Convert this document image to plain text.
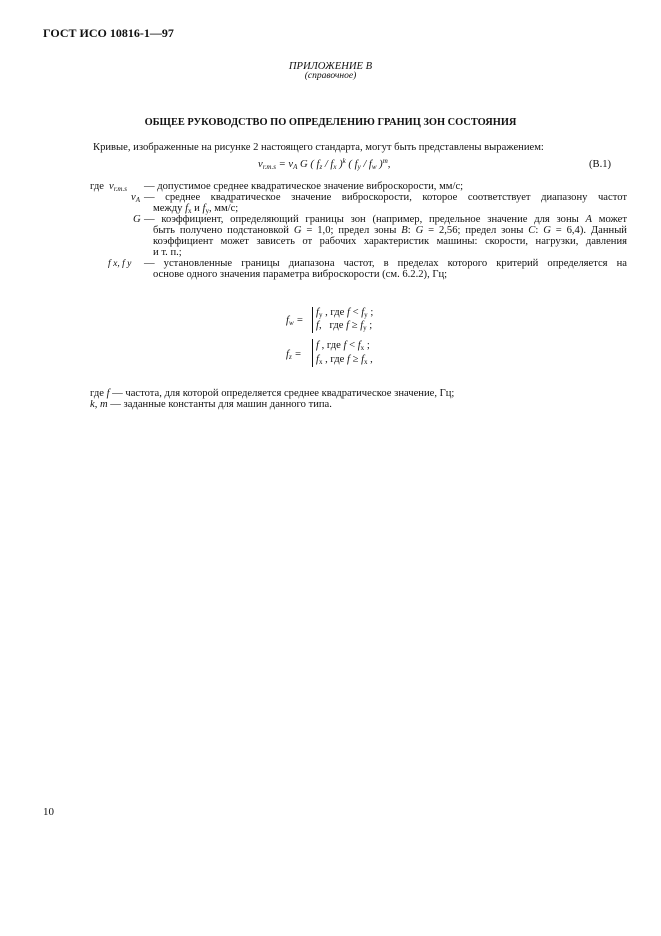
ГОСТ ИСО 10816-1—97
ПРИЛОЖЕНИЕ В
(справочное)
ОБЩЕЕ РУКОВОДСТВО ПО ОПРЕДЕЛЕНИЮ ГРАНИЦ ЗОН СОСТОЯНИЯ
Кривые, изображенные на рисунке 2 настоящего стандарта, могут быть представлены выражением:
$v_{r.m.s} = v_A$ G ( $f_z / f_x$ )$^k$ ( $f_y / f_w$ )$^m$,	(В.1)
где $v_{r.m.s}$ — допустимое среднее квадратическое значение виброскорости, мм/с;
$v_A$ — среднее квадратическое значение виброскорости, которое соответствует диапазону частот
между $f_x$ и $f_y$, мм/с;
G — коэффициент, определяющий границы зон (например, предельное значение для зоны A может
быть получено подстановкой G = 1,0; предел зоны B: G = 2,56; предел зоны C: G = 6,4). Данный
коэффициент может зависеть от рабочих характеристик машины: скорости, нагрузки, давления
и т. п.;
f x, f y — установленные границы диапазона частот, в пределах которого критерий определяется на
основе одного значения параметра виброскорости (см. 6.2.2), Гц;
$f_w$ =
$f_y$ , где $f < f_y$ ;
f,   где $f \ge f_y$ ;
$f_z$ =
f , где $f < f_x$ ;
$f_x$ , где $f \ge f_x$ ,
где f — частота, для которой определяется среднее квадратическое значение, Гц;
k, m — заданные константы для машин данного типа.
10
